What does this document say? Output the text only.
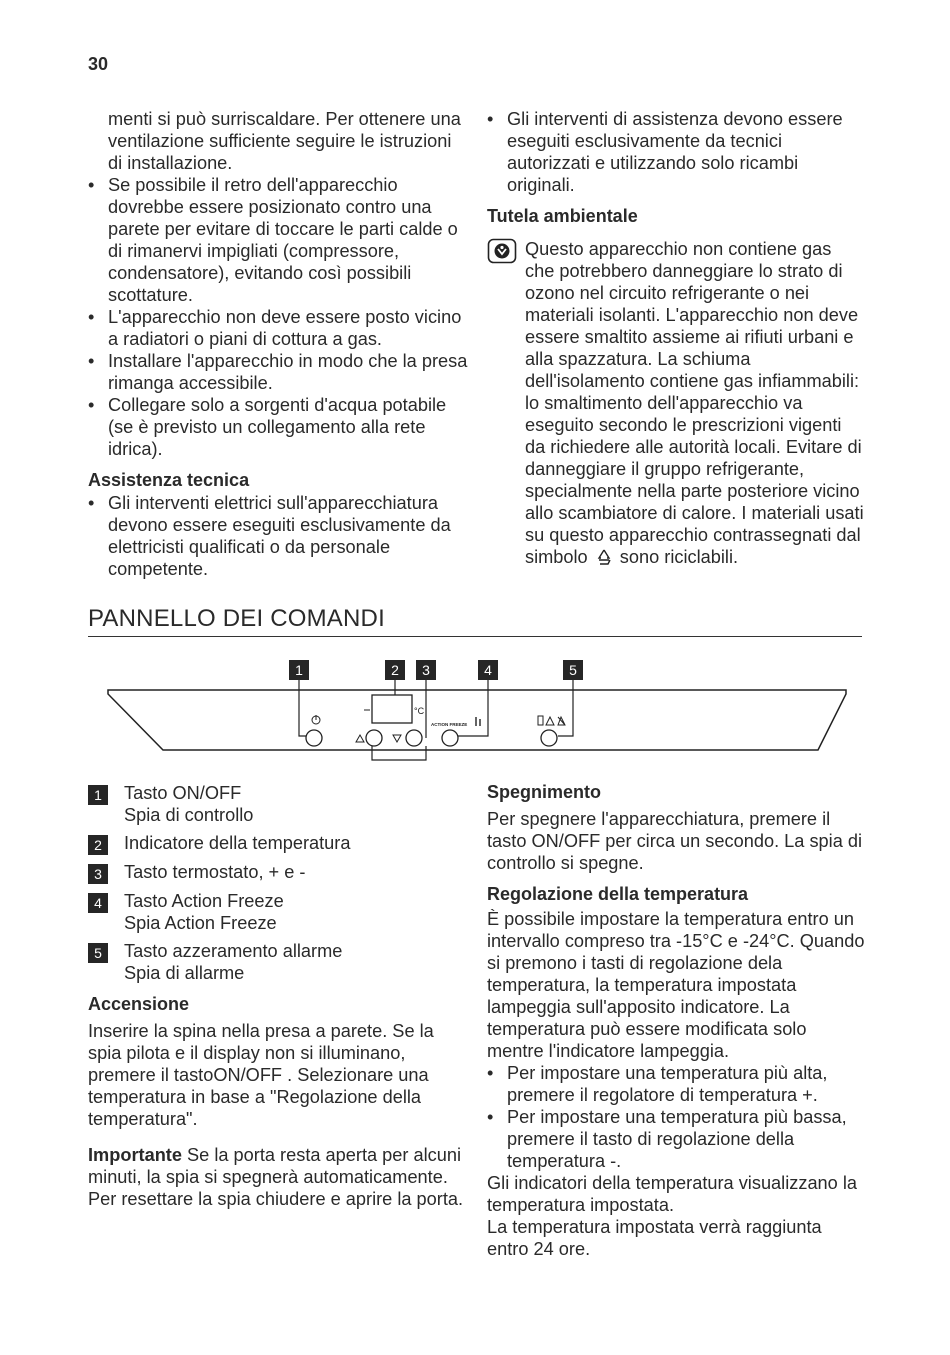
30

menti si può surriscaldare. Per ottenere una ventilazione sufficiente seguire le istruzioni di installazione.

• Se possibile il retro dell'apparecchio dovrebbe essere posizionato contro una parete per evitare di toccare le parti calde o di rimanervi impigliati (compressore, condensatore), evitando così possibili scottature.

• L'apparecchio non deve essere posto vicino a radiatori o piani di cottura a gas.

• Installare l'apparecchio in modo che la presa rimanga accessibile.

• Collegare solo a sorgenti d'acqua potabile (se è previsto un collegamento alla rete idrica).

Assistenza tecnica

• Gli interventi elettrici sull'apparecchiatura devono essere eseguiti esclusivamente da elettricisti qualificati o da personale competente.

• Gli interventi di assistenza devono essere eseguiti esclusivamente da tecnici autorizzati e utilizzando solo ricambi originali.

Tutela ambientale

Questo apparecchio non contiene gas che potrebbero danneggiare lo strato di ozono nel circuito refrigerante o nei materiali isolanti. L'apparecchio non deve essere smaltito assieme ai rifiuti urbani e alla spazzatura. La schiuma dell'isolamento contiene gas infiammabili: lo smaltimento dell'apparecchio va eseguito secondo le prescrizioni vigenti da richiedere alle autorità locali. Evitare di danneggiare il gruppo refrigerante, specialmente nella parte posteriore vicino allo scambiatore di calore. I materiali usati su questo apparecchio contrassegnati dal simbolo sono riciclabili.

PANNELLO DEI COMANDI
1	2 3	4	5
°C
ACTION FREEZE
1	Tasto ON/OFF

Spia di controllo

2	Indicatore della temperatura

3	Tasto termostato, + e -

4	Tasto Action Freeze

Spia Action Freeze

5	Tasto azzeramento allarme

Spia di allarme

Accensione

Inserire la spina nella presa a parete. Se la spia pilota e il display non si illuminano, premere il tastoON/OFF . Selezionare una temperatura in base a "Regolazione della temperatura".

Importante Se la porta resta aperta per alcuni minuti, la spia si spegnerà automaticamente. Per resettare la spia chiudere e aprire la porta.

Spegnimento

Per spegnere l'apparecchiatura, premere il tasto ON/OFF per circa un secondo. La spia di controllo si spegne.

Regolazione della temperatura

È possibile impostare la temperatura entro un intervallo compreso tra -15°C e -24°C. Quando si premono i tasti di regolazione dela temperatura, la temperatura impostata lampeggia sull'apposito indicatore. La temperatura può essere modificata solo mentre l'indicatore lampeggia.

• Per impostare una temperatura più alta, premere il regolatore di temperatura +.

• Per impostare una temperatura più bassa, premere il tasto di regolazione della temperatura -.

Gli indicatori della temperatura visualizzano la temperatura impostata.

La temperatura impostata verrà raggiunta entro 24 ore.
